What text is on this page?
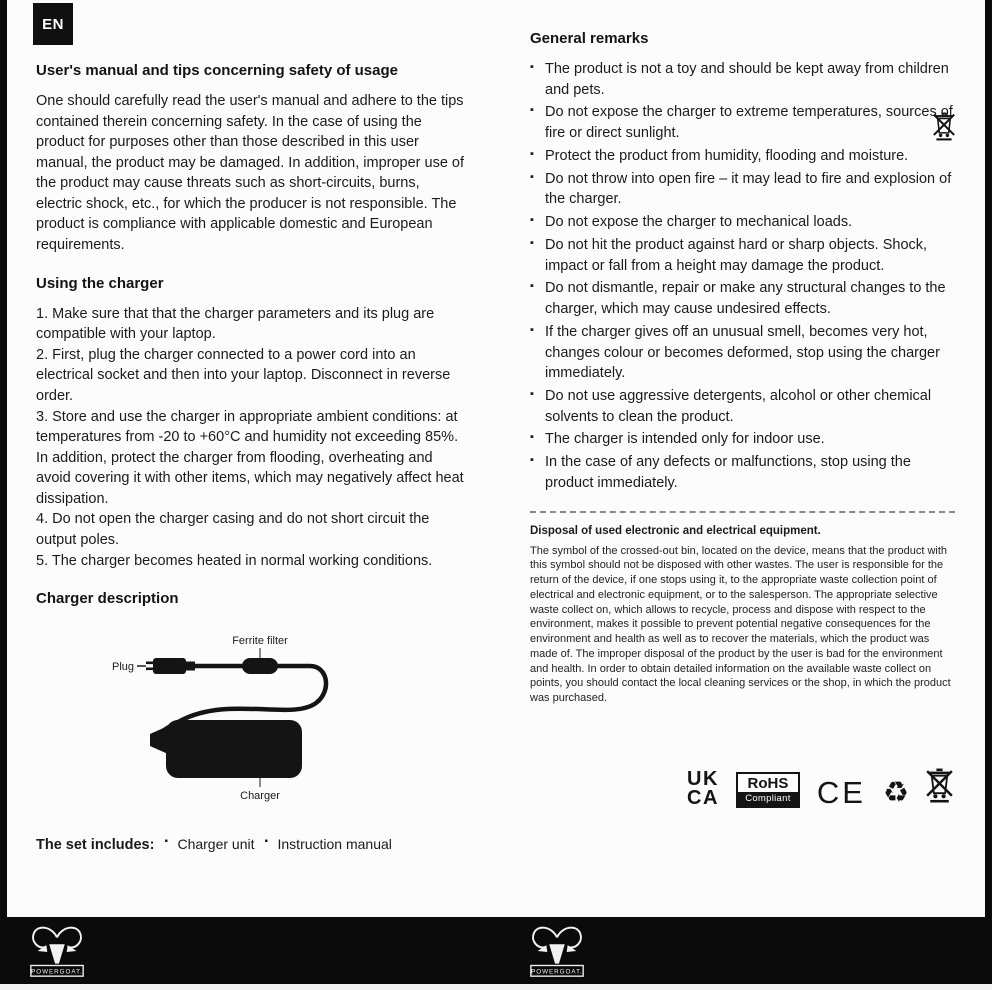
EN
User's manual and tips concerning safety of usage

One should carefully read the user's manual and adhere to the tips contained therein concerning safety. In the case of using the product for purposes other than those described in this user manual, the product may be damaged. In addition, improper use of the product may cause threats such as short-circuits, burns, electric shock, etc., for which the producer is not responsible. The product is compliance with applicable domestic and European requirements.

Using the charger

1. Make sure that that the charger parameters and its plug are compatible with your laptop.

2. First, plug the charger connected to a power cord into an electrical socket and then into your laptop. Disconnect in reverse order.

3. Store and use the charger in appropriate ambient conditions: at temperatures from -20 to +60°C and humidity not exceeding 85%. In addition, protect the charger from flooding, overheating and avoid covering it with other items, which may negatively affect heat dissipation.

4. Do not open the charger casing and do not short circuit the output poles.

5. The charger becomes heated in normal working conditions.

Charger description
Ferrite filter
Plug
Charger
The set includes:	▪ Charger unit	▪ Instruction manual
General remarks
▪ The product is not a toy and should be kept away from children and pets.
▪ Do not expose the charger to extreme temperatures, sources of fire or direct sunlight.
▪ Protect the product from humidity, flooding and moisture.
▪ Do not throw into open fire – it may lead to fire and explosion of the charger.
▪ Do not expose the charger to mechanical loads.
▪ Do not hit the product against hard or sharp objects. Shock, impact or fall from a height may damage the product.
▪ Do not dismantle, repair or make any structural changes to the charger, which may cause undesired effects.
▪ If the charger gives off an unusual smell, becomes very hot, changes colour or becomes deformed, stop using the charger immediately.
▪ Do not use aggressive detergents, alcohol or other chemical solvents to clean the product.
▪ The charger is intended only for indoor use.
▪ In the case of any defects or malfunctions, stop using the product immediately.

Disposal of used electronic and electrical equipment.

The symbol of the crossed-out bin, located on the device, means that the product with this symbol should not be disposed with other wastes. The user is responsible for the return of the device, if one stops using it, to the appropriate waste collection point of electrical and electronic equipment, or to the salesperson. The appropriate selective waste collect on, which allows to recycle, process and dispose with respect to the environment, makes it possible to prevent potential negative consequences for the environment and health as well as to recover the materials, which the product was made of. The improper disposal of the product by the user is bad for the environment and health. In order to obtain detailed information on the available waste collect on points, you should contact the local cleaning services or the shop, in which the product was purchased.

UK
CA
RoHS
Compliant CE ♻
POWERGOAT.	POWERGOAT.
